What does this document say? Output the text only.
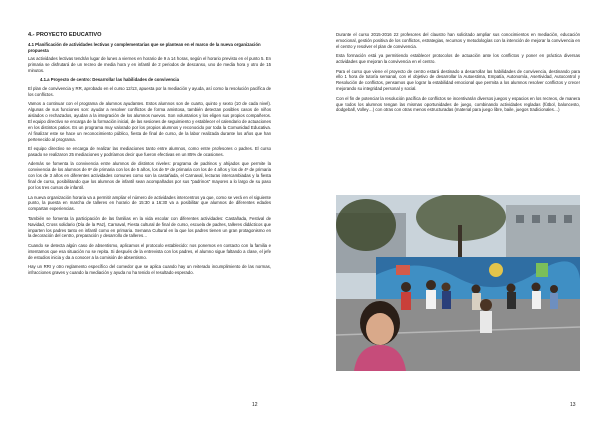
4.- PROYECTO EDUCATIVO
4.1 Planificación de actividades lectivas y complementarias que se plantean en el marco de la nueva organización propuesta

Las actividades lectivas tendrán lugar de lunes a viernes en horario de 9 a 14 horas, según el horario previsto en el punto 5. En primaria se disfrutará de un recreo de media hora y en infantil de 2 periodos de descanso, uno de media hora y otro de 15 minutos.

4.1.a Proyecto de centro: Desarrollar las habilidades de convivencia

El plan de convivencia y RR, aprobado en el curso 12/13, apuesta por la mediación y ayuda, así como la resolución pacífica de los conflictos.

Vamos a continuar con el programa de alumnos ayudantes. Estos alumnos son de cuarto, quinto y sexto (10 de cada nivel). Algunas de sus funciones son: ayudar a resolver conflictos de forma amistosa, también detectan posibles casos de niños aislados o rechazados, ayudan a la integración de los alumnos nuevos. Son voluntarios y los eligen sus propios compañeros. El equipo directivo se encarga de la formación inicial, de las sesiones de seguimiento y establecer el calendario de actuaciones en los distintos patios. Es un programa muy valorado por los propios alumnos y reconocido por toda la Comunidad Educativa. Al finalizar este se hace un reconocimiento público, fiesta de final de curso, de la labor realizada durante los años que han pertenecido al programa.

El equipo directivo se encarga de realizar las mediaciones tanto entre alumnos, como entre profesores o padres. El curso pasado se realizaron 25 mediaciones y podríamos decir que fueron efectivas en un 85% de ocasiones.

Además se fomenta la convivencia entre alumnos de distintos niveles: programa de padrinos y ahijados que permite la convivencia de los alumnos de 6º de primaria con los de 5 años, los de 5º de primaria con los de 4 años y los de 4º de primaria con los de 3 años en diferentes actividades comunes como son la castañada, el Carnaval, lecturas intercambiadas y la fiesta final de curso, posibilitando que los alumnos de infantil sean acompañados por sus "padrinos" mayores a lo largo de su paso por los tres cursos de infantil.

La nueva organización horaria va a permitir ampliar el número de actividades intercentros ya que, como se verá en el siguiente punto, la puesta en marcha de talleres en horario de 15:30 a 16:30 va a posibilitar que alumnos de diferentes edades compartan experiencias.

También se fomenta la participación de las familias en la vida escolar con diferentes actividades: Castañada, Festival de Navidad, Cross solidario (Día de la Paz), Carnaval, Fiesta cultural de final de curso, escuela de padres, talleres didácticos que imparten los padres tanto en infantil como en primaria. Semana Cultural en la que los padres tienen un gran protagonismo en la decoración del centro, preparación y desarrollo de talleres…

Cuando se detecta algún caso de absentismo, aplicamos el protocolo establecido: nos ponemos en contacto con la familia e intentamos que esa situación no se repita. Si después de la entrevista con los padres, el alumno sigue faltando a clase, el jefe de estudios inicia y da a conocer a la comisión de absentismo.

Hay un RRI y otro reglamento específico del comedor que se aplica cuando hay un reiterado incumplimiento de las normas, infracciones graves y cuando la mediación y ayuda no ha tenido el resultado esperado.

12

Durante el curso 2015-2016 22 profesores del claustro han solicitado ampliar sus conocimientos en mediación, educación emocional, gestión positiva de los conflictos, estrategias, recursos y metodologías con la intención de mejorar la convivencia en el centro y resolver el plan de convivencia.

Esta formación está ya permitiendo establecer protocolos de actuación ante los conflictos y poner en práctica diversas actividades que mejoran la convivencia en el centro.

Para el curso que viene el proyecto de centro estará destinado a desarrollar las habilidades de convivencia, destinando para ello 1 hora de tutoría semanal, con el objetivo de desarrollar la Autoestima, Empatía, Autonomía, Asertividad, Autocontrol y Resolución de conflictos, pensamos que lograr la estabilidad emocional que permita a los alumnos resolver conflictos y crecer mejorando su integridad personal y social.

Con el fin de potenciar la resolución pacífica de conflictos se incentivarán diversos juegos y espacios en los recreos, de manera que todos los alumnos tengan las mismas oportunidades de juego, combinando actividades regladas (fútbol, baloncesto, dodgeball, Volley…) con otras con otras menos estructuradas (material para juego libre, baile, juegos tradicionales…)

13
